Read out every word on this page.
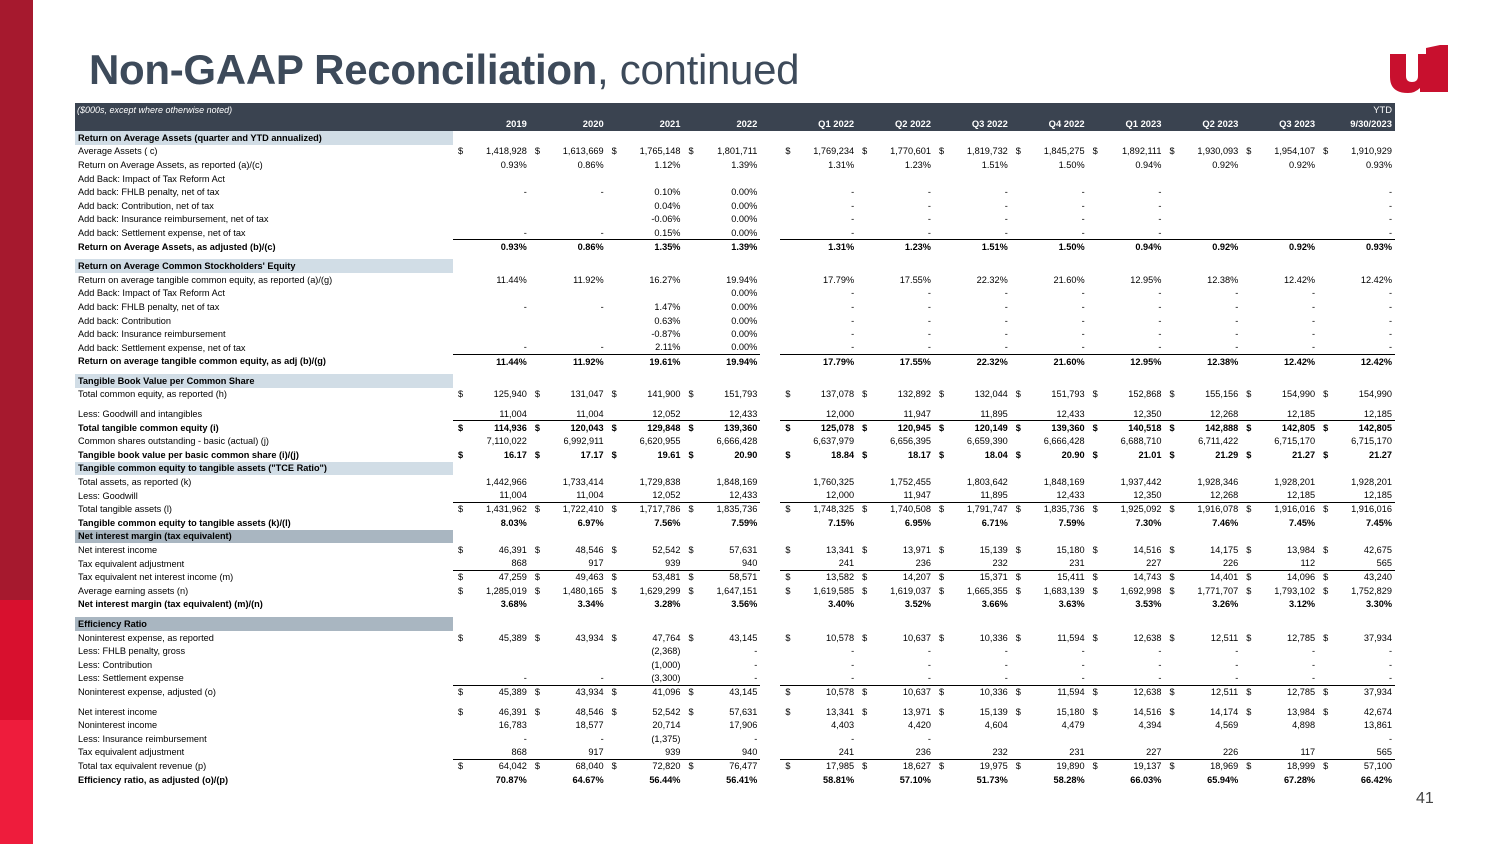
Non-GAAP Reconciliation, continued
($000s, except where otherwise noted)													YTD
	2019	2020	2021	2022		Q1 2022	Q2 2022	Q3 2022	Q4 2022	Q1 2023	Q2 2023	Q3 2023	9/30/2023
Return on Average Assets (quarter and YTD annualized)													
Average Assets ( c)	$ 1,418,928	$ 1,613,669	$ 1,765,148	$ 1,801,711		$ 1,769,234	$ 1,770,601	$ 1,819,732	$ 1,845,275	$ 1,892,111	$ 1,930,093	$ 1,954,107	$ 1,910,929
Return on Average Assets, as reported (a)/(c)	0.93%	0.86%	1.12%	1.39%		1.31%	1.23%	1.51%	1.50%	0.94%	0.92%	0.92%	0.93%
Add Back: Impact of Tax Reform Act													
Add back: FHLB penalty, net of tax	-	-	0.10%	0.00%		-	-	-	-	-			-
Add back: Contribution, net of tax			0.04%	0.00%		-	-	-	-	-			-
Add back: Insurance reimbursement, net of tax			-0.06%	0.00%		-	-	-	-	-			-
Add back: Settlement expense, net of tax	-	-	0.15%	0.00%		-	-	-	-	-			-
Return on Average Assets, as adjusted (b)/(c)	0.93%	0.86%	1.35%	1.39%		1.31%	1.23%	1.51%	1.50%	0.94%	0.92%	0.92%	0.93%

Return on Average Common Stockholders' Equity													
Return on average tangible common equity, as reported (a)/(g)	11.44%	11.92%	16.27%	19.94%		17.79%	17.55%	22.32%	21.60%	12.95%	12.38%	12.42%	12.42%
Add Back: Impact of Tax Reform Act				0.00%		-	-	-	-	-	-	-	-
Add back: FHLB penalty, net of tax	-	-	1.47%	0.00%		-	-	-	-	-	-	-	-
Add back: Contribution			0.63%	0.00%		-	-	-	-	-	-	-	-
Add back: Insurance reimbursement			-0.87%	0.00%		-	-	-	-	-	-	-	-
Add back: Settlement expense, net of tax	-	-	2.11%	0.00%		-	-	-	-	-	-	-	-
Return on average tangible common equity, as adj (b)/(g)	11.44%	11.92%	19.61%	19.94%		17.79%	17.55%	22.32%	21.60%	12.95%	12.38%	12.42%	12.42%

Tangible Book Value per Common Share													
Total common equity, as reported (h)	$ 125,940	$ 131,047	$ 141,900	$ 151,793		$ 137,078	$ 132,892	$ 132,044	$ 151,793	$ 152,868	$ 155,156	$ 154,990	$ 154,990

Less: Goodwill and intangibles	11,004	11,004	12,052	12,433		12,000	11,947	11,895	12,433	12,350	12,268	12,185	12,185
Total tangible common equity (i)	$ 114,936	$ 120,043	$ 129,848	$ 139,360		$ 125,078	$ 120,945	$ 120,149	$ 139,360	$ 140,518	$ 142,888	$ 142,805	$ 142,805
Common shares outstanding - basic (actual) (j)	7,110,022	6,992,911	6,620,955	6,666,428		6,637,979	6,656,395	6,659,390	6,666,428	6,688,710	6,711,422	6,715,170	6,715,170
Tangible book value per basic common share (i)/(j)	$ 16.17	$ 17.17	$ 19.61	$ 20.90		$ 18.84	$ 18.17	$ 18.04	$ 20.90	$ 21.01	$ 21.29	$ 21.27	$ 21.27
Tangible common equity to tangible assets ("TCE Ratio")													
Total assets, as reported (k)	1,442,966	1,733,414	1,729,838	1,848,169		1,760,325	1,752,455	1,803,642	1,848,169	1,937,442	1,928,346	1,928,201	1,928,201
Less: Goodwill	11,004	11,004	12,052	12,433		12,000	11,947	11,895	12,433	12,350	12,268	12,185	12,185
Total tangible assets (l)	$ 1,431,962	$ 1,722,410	$ 1,717,786	$ 1,835,736		$ 1,748,325	$ 1,740,508	$ 1,791,747	$ 1,835,736	$ 1,925,092	$ 1,916,078	$ 1,916,016	$ 1,916,016
Tangible common equity to tangible assets (k)/(l)	8.03%	6.97%	7.56%	7.59%		7.15%	6.95%	6.71%	7.59%	7.30%	7.46%	7.45%	7.45%
Net interest margin (tax equivalent)													
Net interest income	$ 46,391	$ 48,546	$ 52,542	$ 57,631		$ 13,341	$ 13,971	$ 15,139	$ 15,180	$ 14,516	$ 14,175	$ 13,984	$ 42,675
Tax equivalent adjustment	868	917	939	940		241	236	232	231	227	226	112	565
Tax equivalent net interest income (m)	$ 47,259	$ 49,463	$ 53,481	$ 58,571		$ 13,582	$ 14,207	$ 15,371	$ 15,411	$ 14,743	$ 14,401	$ 14,096	$ 43,240
Average earning assets (n)	$ 1,285,019	$ 1,480,165	$ 1,629,299	$ 1,647,151		$ 1,619,585	$ 1,619,037	$ 1,665,355	$ 1,683,139	$ 1,692,998	$ 1,771,707	$ 1,793,102	$ 1,752,829
Net interest margin (tax equivalent) (m)/(n)	3.68%	3.34%	3.28%	3.56%		3.40%	3.52%	3.66%	3.63%	3.53%	3.26%	3.12%	3.30%

Efficiency Ratio													
Noninterest expense, as reported	$ 45,389	$ 43,934	$ 47,764	$ 43,145		$ 10,578	$ 10,637	$ 10,336	$ 11,594	$ 12,638	$ 12,511	$ 12,785	$ 37,934
Less: FHLB penalty, gross			(2,368)	-		-	-	-	-	-	-	-	-
Less: Contribution			(1,000)	-		-	-	-	-	-	-	-	-
Less: Settlement expense	-	-	(3,300)	-		-	-	-	-	-	-	-	-
Noninterest expense, adjusted (o)	$ 45,389	$ 43,934	$ 41,096	$ 43,145		$ 10,578	$ 10,637	$ 10,336	$ 11,594	$ 12,638	$ 12,511	$ 12,785	$ 37,934

Net interest income	$ 46,391	$ 48,546	$ 52,542	$ 57,631		$ 13,341	$ 13,971	$ 15,139	$ 15,180	$ 14,516	$ 14,174	$ 13,984	$ 42,674
Noninterest income	16,783	18,577	20,714	17,906		4,403	4,420	4,604	4,479	4,394	4,569	4,898	13,861
Less: Insurance reimbursement	-	-	(1,375)	-		-	-						-
Tax equivalent adjustment	868	917	939	940		241	236	232	231	227	226	117	565
Total tax equivalent revenue (p)	$ 64,042	$ 68,040	$ 72,820	$ 76,477		$ 17,985	$ 18,627	$ 19,975	$ 19,890	$ 19,137	$ 18,969	$ 18,999	$ 57,100
Efficiency ratio, as adjusted (o)/(p)	70.87%	64.67%	56.44%	56.41%		58.81%	57.10%	51.73%	58.28%	66.03%	65.94%	67.28%	66.42%
41
